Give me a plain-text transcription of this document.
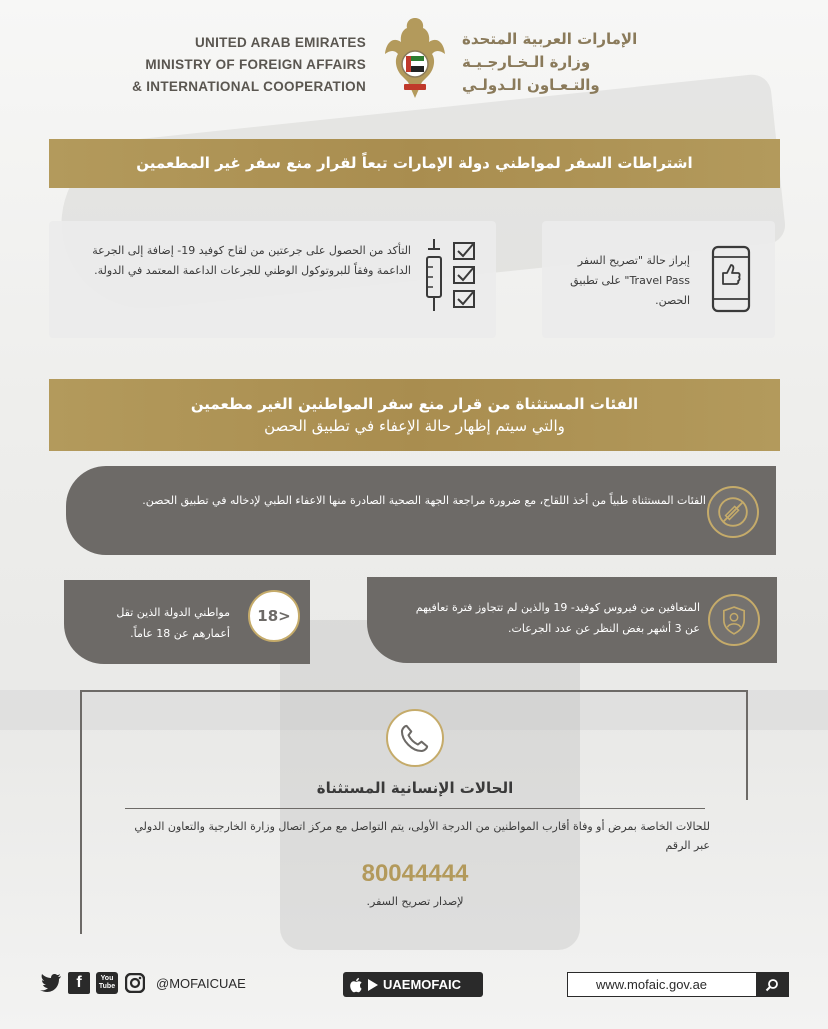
UNITED ARAB EMIRATES
MINISTRY OF FOREIGN AFFAIRS
& INTERNATIONAL COOPERATION
الإمارات العربية المتحدة
وزارة الـخـارجـيـة
والتـعـاون الـدولـي
اشتراطات السفر لمواطني دولة الإمارات تبعاً لقرار منع سفر غير المطعمين
إبراز حالة "تصريح السفر Travel Pass" على تطبيق الحصن.
التأكد من الحصول على جرعتين من لقاح كوفيد 19- إضافة إلى الجرعة الداعمة وفقاً للبروتوكول الوطني للجرعات الداعمة المعتمد في الدولة.
الفئات المستثناة من قرار منع سفر المواطنين الغير مطعمين
والتي سيتم إظهار حالة الإعفاء في تطبيق الحصن
الفئات المستثناة طبياً من أخذ اللقاح، مع ضرورة مراجعة الجهة الصحية الصادرة منها الاعفاء الطبي لإدخاله في تطبيق الحصن.
المتعافين من فيروس كوفيد- 19 والذين لم تتجاوز فترة تعافيهم عن 3 أشهر بغض النظر عن عدد الجرعات.
18>
مواطني الدولة الذين تقل أعمارهم عن 18 عاماً.
الحالات الإنسانية المستثناة
للحالات الخاصة بمرض أو وفاة أقارب المواطنين من الدرجة الأولى، يتم التواصل مع مركز اتصال وزارة الخارجية والتعاون الدولي عبر الرقم
80044444
لإصدار تصريح السفر.
f	You Tube	@MOFAICUAE	UAEMOFAIC	www.mofaic.gov.ae
